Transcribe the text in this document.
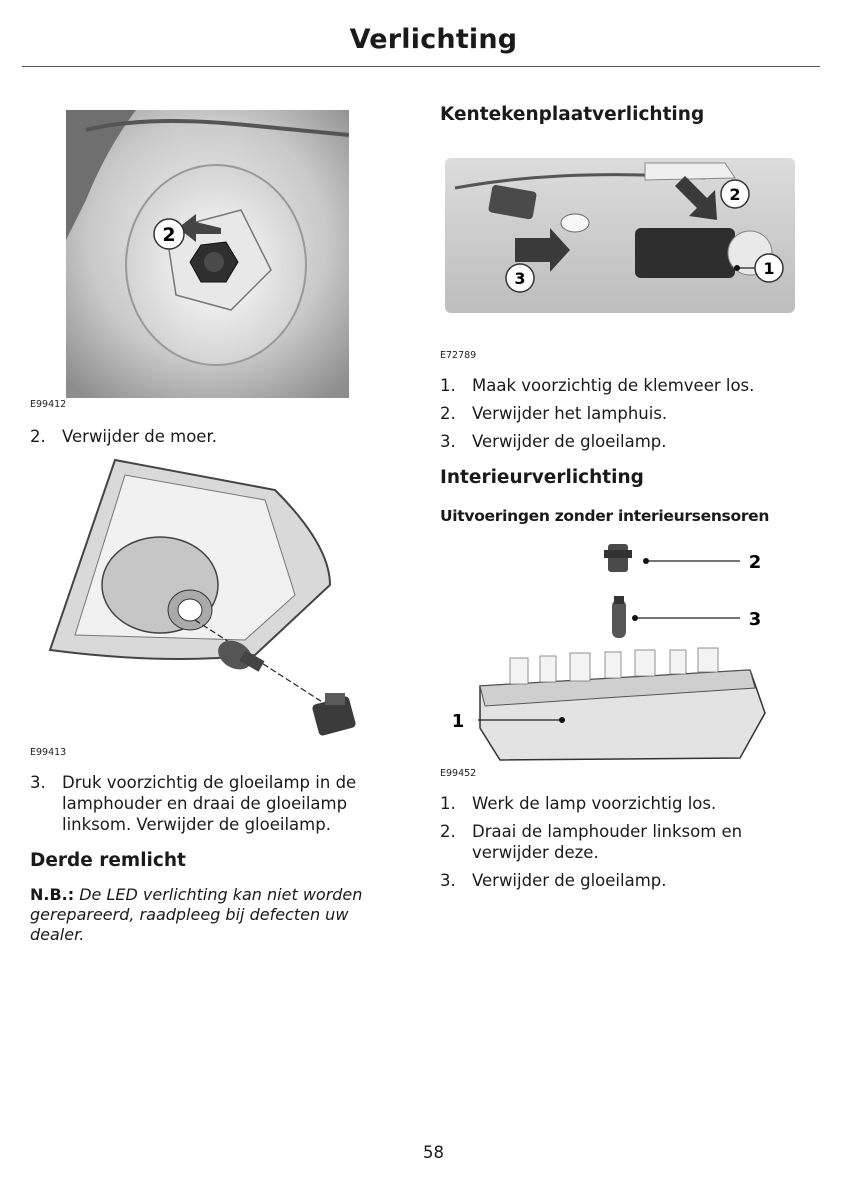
Verlichting
2
E99412
2. Verwijder de moer.
E99413
3. Druk voorzichtig de gloeilamp in de
lamphouder en draai de gloeilamp
linksom. Verwijder de gloeilamp.
Derde remlicht
N.B.: De LED verlichting kan niet worden
gerepareerd, raadpleeg bij defecten uw
dealer.
Kentekenplaatverlichting
3
2
1
E72789
1. Maak voorzichtig de klemveer los.
2. Verwijder het lamphuis.
3. Verwijder de gloeilamp.
Interieurverlichting
Uitvoeringen zonder interieursensoren
2
3
1
E99452
1. Werk de lamp voorzichtig los.
2. Draai de lamphouder linksom en
verwijder deze.
3. Verwijder de gloeilamp.
58
